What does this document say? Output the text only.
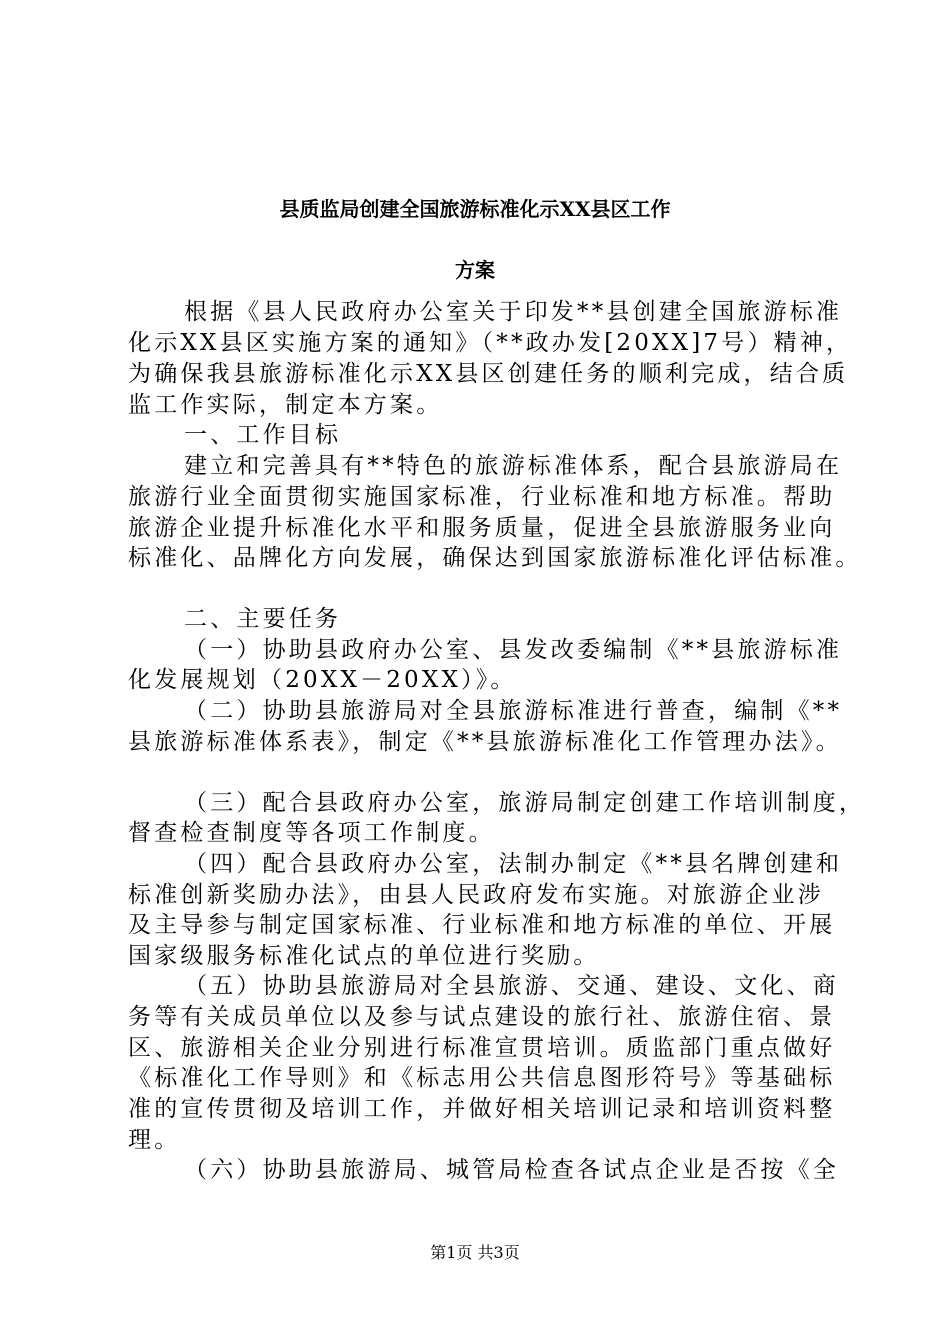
县质监局创建全国旅游标准化示XX县区工作
方案
根据《县人民政府办公室关于印发**县创建全国旅游标准
化示XX县区实施方案的通知》（**政办发[20XX]7号）精神，
为确保我县旅游标准化示XX县区创建任务的顺利完成，结合质
监工作实际，制定本方案。
一、工作目标
建立和完善具有**特色的旅游标准体系，配合县旅游局在
旅游行业全面贯彻实施国家标准，行业标准和地方标准。帮助
旅游企业提升标准化水平和服务质量，促进全县旅游服务业向
标准化、品牌化方向发展，确保达到国家旅游标准化评估标准。
二、主要任务
（一）协助县政府办公室、县发改委编制《**县旅游标准
化发展规划（20XX－20XX）》。
（二）协助县旅游局对全县旅游标准进行普查，编制《**
县旅游标准体系表》，制定《**县旅游标准化工作管理办法》。
（三）配合县政府办公室，旅游局制定创建工作培训制度，
督查检查制度等各项工作制度。
（四）配合县政府办公室，法制办制定《**县名牌创建和
标准创新奖励办法》，由县人民政府发布实施。对旅游企业涉
及主导参与制定国家标准、行业标准和地方标准的单位、开展
国家级服务标准化试点的单位进行奖励。
（五）协助县旅游局对全县旅游、交通、建设、文化、商
务等有关成员单位以及参与试点建设的旅行社、旅游住宿、景
区、旅游相关企业分别进行标准宣贯培训。质监部门重点做好
《标准化工作导则》和《标志用公共信息图形符号》等基础标
准的宣传贯彻及培训工作，并做好相关培训记录和培训资料整
理。
（六）协助县旅游局、城管局检查各试点企业是否按《全
第1页 共3页
